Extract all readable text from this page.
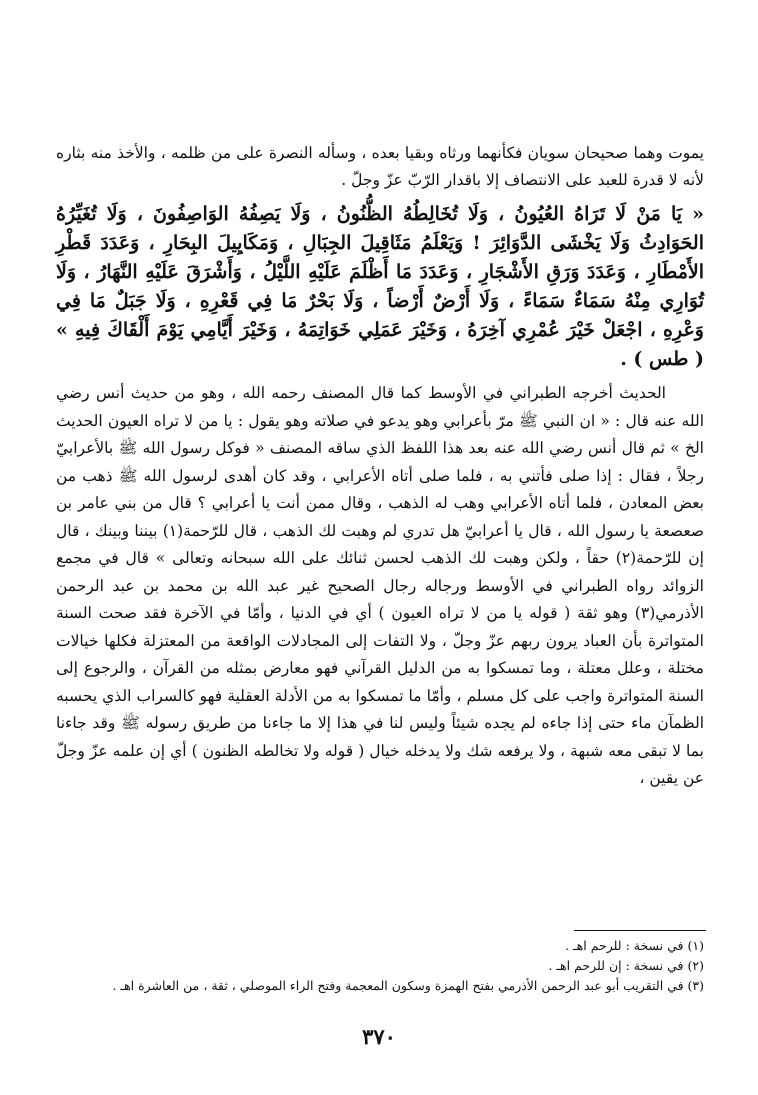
يموت وهما صحيحان سويان فكأنهما ورثاه وبقيا بعده ، وسأله النصرة على من ظلمه ، والأخذ منه بثاره لأنه لا قدرة للعبد على الانتصاف إلا باقدار الرّبّ عزّ وجلّ .

« يَا مَنْ لَا تَرَاهُ العُيُونُ ، وَلَا تُخَالِطُهُ الظُّنُونُ ، وَلَا يَصِفُهُ الوَاصِفُونَ ، وَلَا تُغَيِّرُهُ الحَوَادِثُ وَلَا يَخْشَى الدَّوَائِرَ ! وَيَعْلَمُ مَثَاقِيلَ الجِبَالِ ، وَمَكَايِيلَ البِحَارِ ، وَعَدَدَ قَطْرِ الأَمْطَارِ ، وَعَدَدَ وَرَقِ الأَشْجَارِ ، وَعَدَدَ مَا أَظْلَمَ عَلَيْهِ اللَّيْلُ ، وَأَشْرَقَ عَلَيْهِ النَّهَارُ ، وَلَا تُوَارِي مِنْهُ سَمَاءٌ سَمَاءً ، وَلَا أَرْضٌ أَرْضاً ، وَلَا بَحْرٌ مَا فِي قَعْرِهِ ، وَلَا جَبَلٌ مَا فِي وَعْرِهِ ، اجْعَلْ خَيْرَ عُمْرِي آخِرَهُ ، وَخَيْرَ عَمَلِي خَوَاتِمَهُ ، وَخَيْرَ أَيَّامِي يَوْمَ أَلْقَاكَ فِيهِ » ( طس ) .

الحديث أخرجه الطبراني في الأوسط كما قال المصنف رحمه الله ، وهو من حديث أنس رضي الله عنه قال : « ان النبي ﷺ مرّ بأعرابي وهو يدعو في صلاته وهو يقول : يا من لا تراه العيون الحديث الخ » ثم قال أنس رضي الله عنه بعد هذا اللفظ الذي ساقه المصنف « فوكل رسول الله ﷺ بالأعرابيّ رجلاً ، فقال : إذا صلى فأتني به ، فلما صلى أتاه الأعرابي ، وقد كان أهدى لرسول الله ﷺ ذهب من بعض المعادن ، فلما أتاه الأعرابي وهب له الذهب ، وقال ممن أنت يا أعرابي ؟ قال من بني عامر بن صعصعة يا رسول الله ، قال يا أعرابيّ هل تدري لم وهبت لك الذهب ، قال للرّحمة(١) بيننا وبينك ، قال إن للرّحمة(٢) حقاً ، ولكن وهبت لك الذهب لحسن ثنائك على الله سبحانه وتعالى » قال في مجمع الزوائد رواه الطبراني في الأوسط ورجاله رجال الصحيح غير عبد الله بن محمد بن عبد الرحمن الأذرمي(٣) وهو ثقة ( قوله يا من لا تراه العيون ) أي في الدنيا ، وأمّا في الآخرة فقد صحت السنة المتواترة بأن العباد يرون ربهم عزّ وجلّ ، ولا التفات إلى المجادلات الواقعة من المعتزلة فكلها خيالات مختلة ، وعلل معتلة ، وما تمسكوا به من الدليل القرآني فهو معارض بمثله من القرآن ، والرجوع إلى السنة المتواترة واجب على كل مسلم ، وأمّا ما تمسكوا به من الأدلة العقلية فهو كالسراب الذي يحسبه الظمآن ماء حتى إذا جاءه لم يجده شيئاً وليس لنا في هذا إلا ما جاءنا من طريق رسوله ﷺ وقد جاءنا بما لا تبقى معه شبهة ، ولا يرفعه شك ولا يدخله خيال ( قوله ولا تخالطه الظنون ) أي إن علمه عزّ وجلّ عن يقين ،

(١) في نسخة : للرحم اهـ .

(٢) في نسخة : إن للرحم اهـ .

(٣) في التقريب أبو عبد الرحمن الأذرمي بفتح الهمزة وسكون المعجمة وفتح الراء الموصلي ، ثقة ، من العاشرة اهـ .

٣٧٠
